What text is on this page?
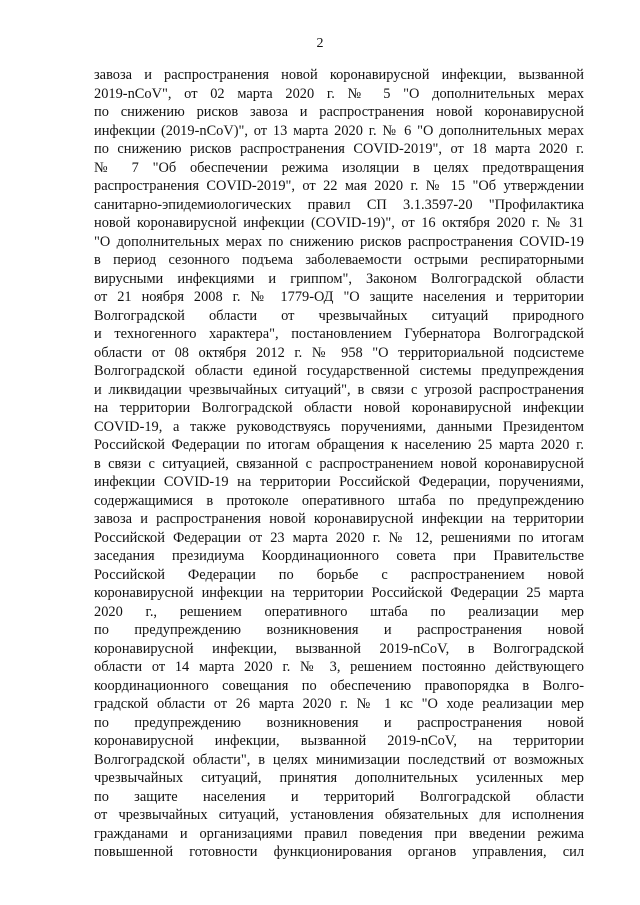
2
завоза и распространения новой коронавирусной инфекции, вызванной
2019-nCoV", от 02 марта 2020 г. № 5 "О дополнительных мерах
по снижению рисков завоза и распространения новой коронавирусной
инфекции (2019-nCoV)", от 13 марта 2020 г. № 6 "О дополнительных мерах
по снижению рисков распространения COVID-2019", от 18 марта 2020 г.
№ 7 "Об обеспечении режима изоляции в целях предотвращения
распространения COVID-2019", от 22 мая 2020 г. № 15 "Об утверждении
санитарно-эпидемиологических правил СП 3.1.3597-20 "Профилактика
новой коронавирусной инфекции (COVID-19)", от 16 октября 2020 г. № 31
"О дополнительных мерах по снижению рисков распространения COVID-19
в период сезонного подъема заболеваемости острыми респираторными
вирусными инфекциями и гриппом", Законом Волгоградской области
от 21 ноября 2008 г. № 1779-ОД "О защите населения и территории
Волгоградской области от чрезвычайных ситуаций природного
и техногенного характера", постановлением Губернатора Волгоградской
области от 08 октября 2012 г. № 958 "О территориальной подсистеме
Волгоградской области единой государственной системы предупреждения
и ликвидации чрезвычайных ситуаций", в связи с угрозой распространения
на территории Волгоградской области новой коронавирусной инфекции
COVID-19, а также руководствуясь поручениями, данными Президентом
Российской Федерации по итогам обращения к населению 25 марта 2020 г.
в связи с ситуацией, связанной с распространением новой коронавирусной
инфекции COVID-19 на территории Российской Федерации, поручениями,
содержащимися в протоколе оперативного штаба по предупреждению
завоза и распространения новой коронавирусной инфекции на территории
Российской Федерации от 23 марта 2020 г. № 12, решениями по итогам
заседания президиума Координационного совета при Правительстве
Российской Федерации по борьбе с распространением новой
коронавирусной инфекции на территории Российской Федерации 25 марта
2020 г., решением оперативного штаба по реализации мер
по предупреждению возникновения и распространения новой
коронавирусной инфекции, вызванной 2019-nCoV, в Волгоградской
области от 14 марта 2020 г. № 3, решением постоянно действующего
координационного совещания по обеспечению правопорядка в Волго-
градской области от 26 марта 2020 г. № 1 кс "О ходе реализации мер
по предупреждению возникновения и распространения новой
коронавирусной инфекции, вызванной 2019-nCoV, на территории
Волгоградской области", в целях минимизации последствий от возможных
чрезвычайных ситуаций, принятия дополнительных усиленных мер
по защите населения и территорий Волгоградской области
от чрезвычайных ситуаций, установления обязательных для исполнения
гражданами и организациями правил поведения при введении режима
повышенной готовности функционирования органов управления, сил
